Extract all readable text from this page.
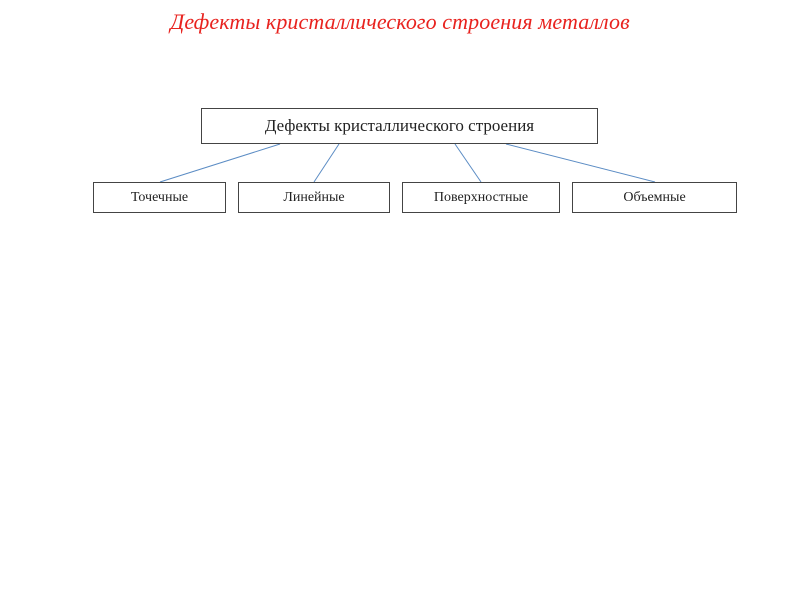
Дефекты кристаллического строения металлов
Дефекты кристаллического строения
Точечные	Линейные	Поверхностные	Объемные
